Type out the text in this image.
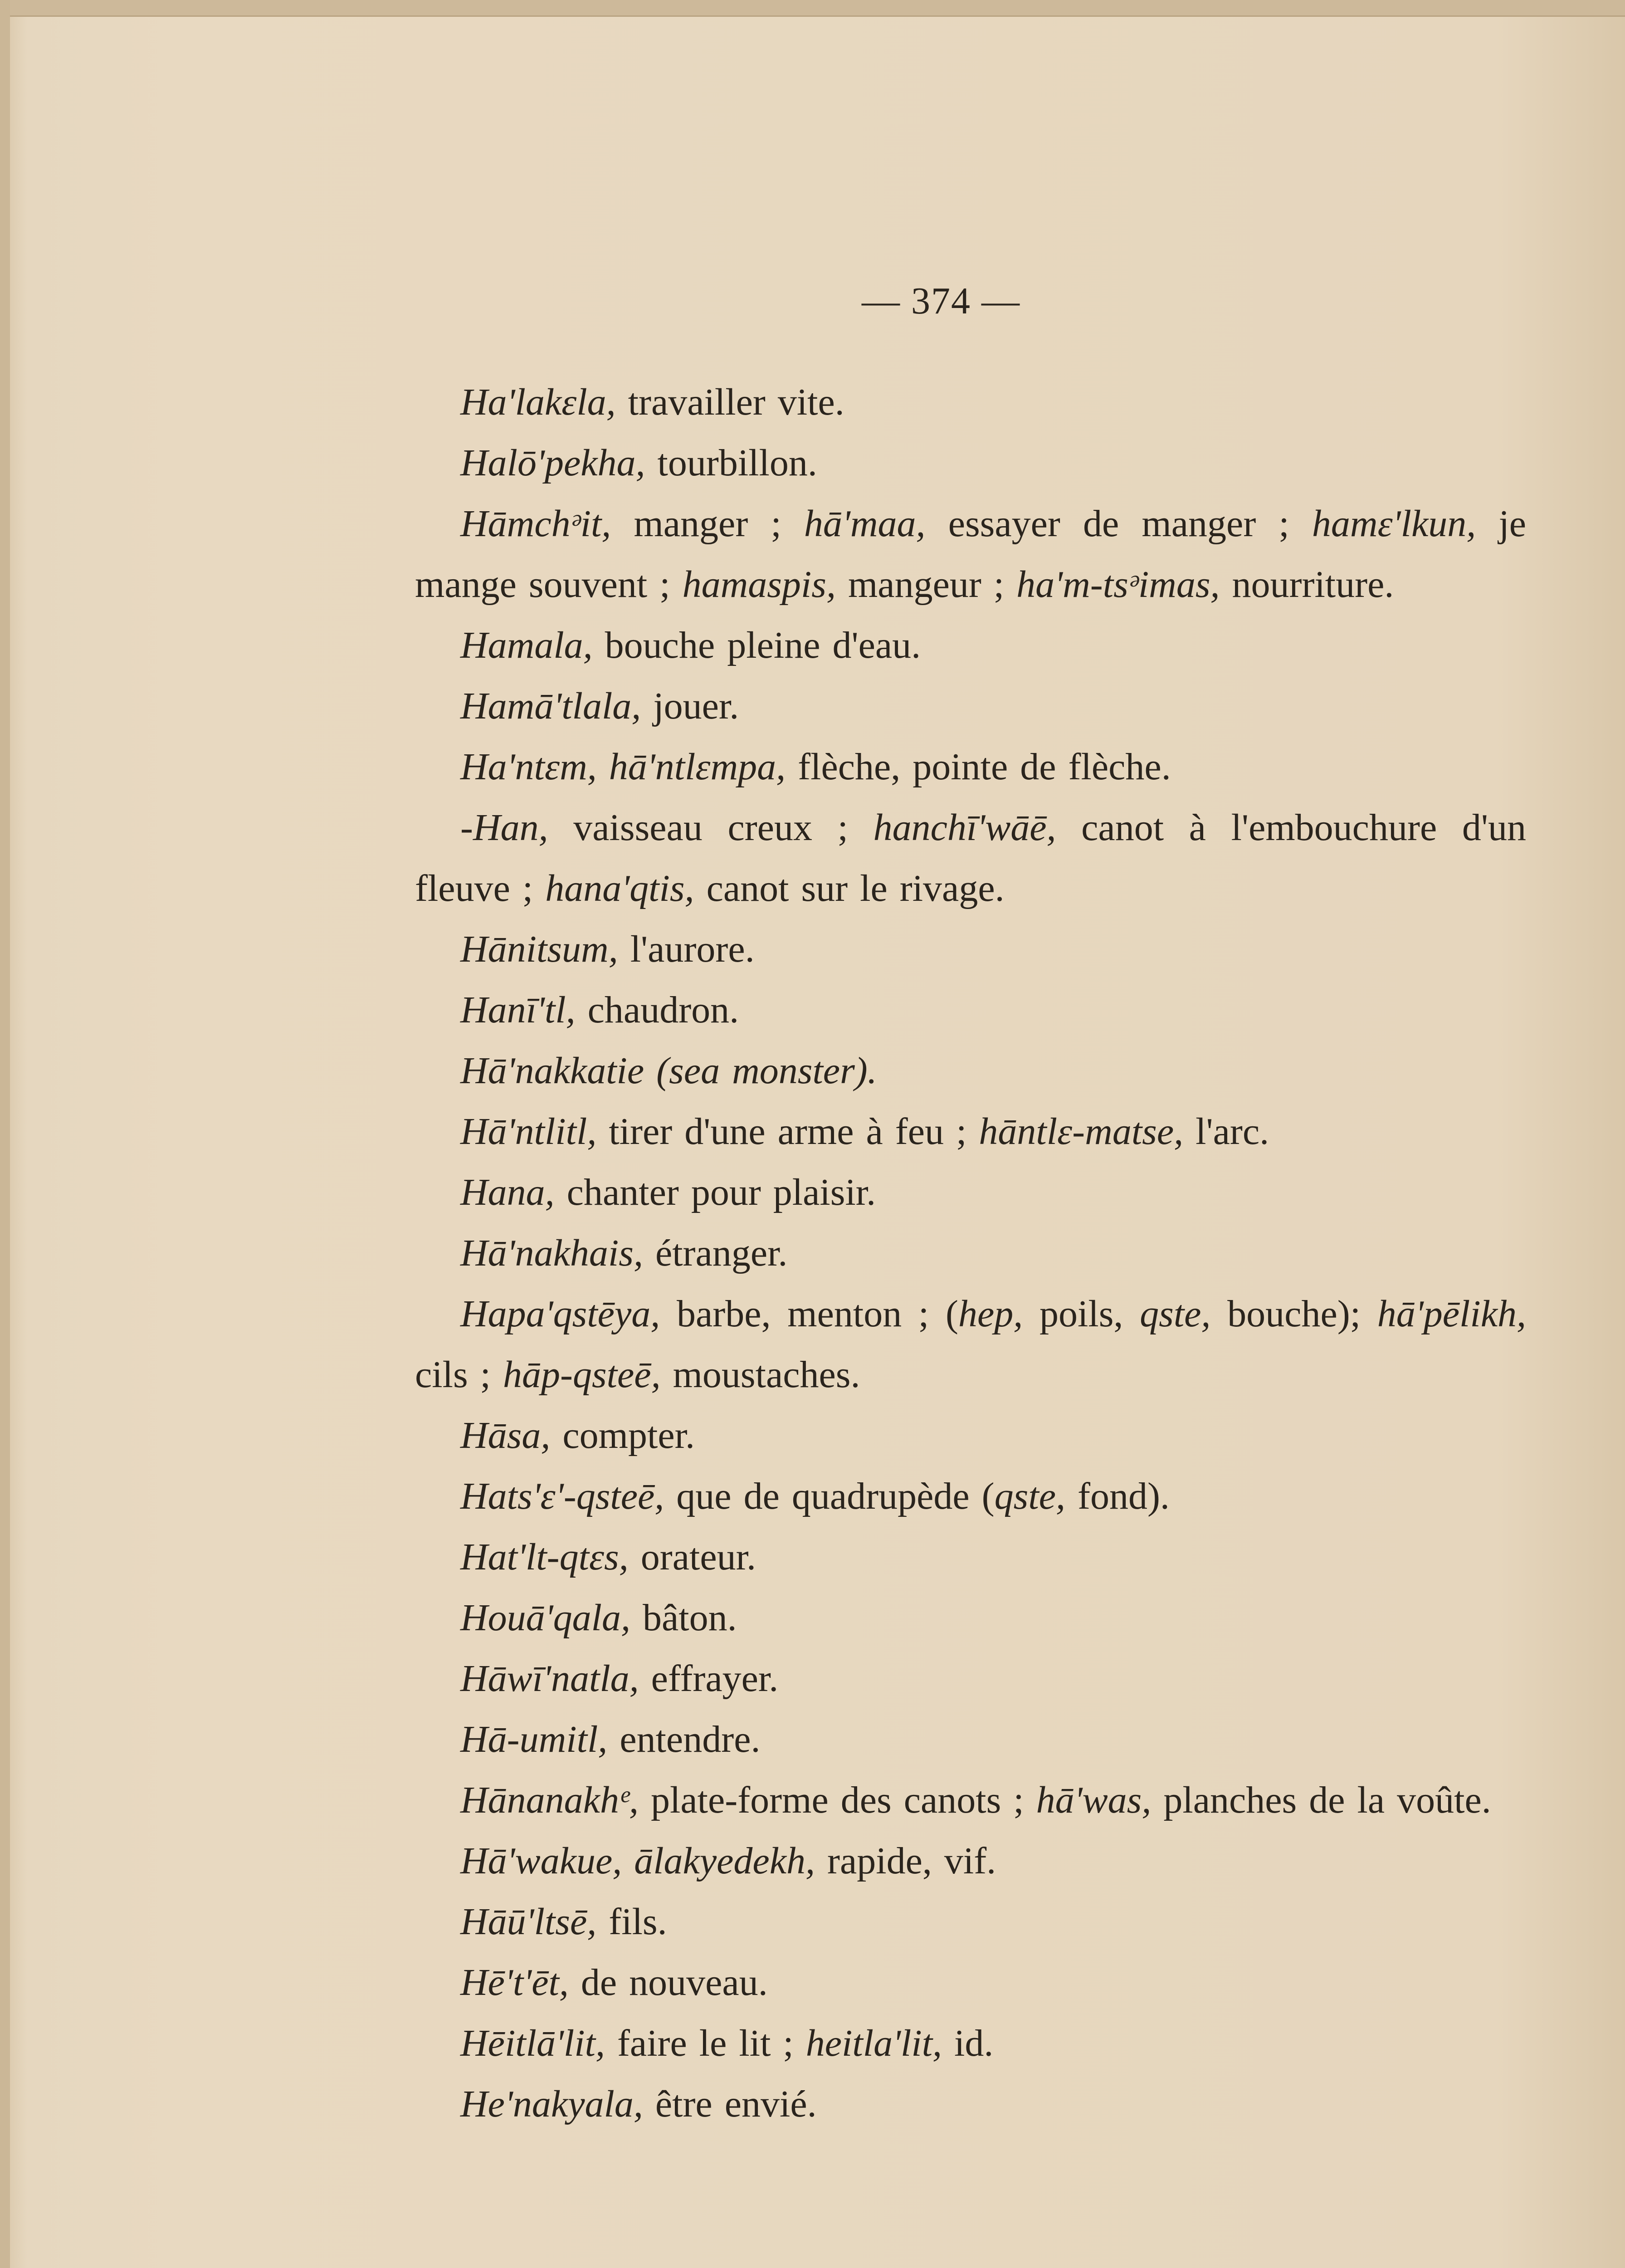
— 374 —

Ha'lakɛla, travailler vite.

Halō'pekha, tourbillon.

Hāmchᵊit, manger ; hā'maa, essayer de manger ; hamɛ'lkun, je mange souvent ; hamaspis, mangeur ; ha'm-tsᵊimas, nourriture.

Hamala, bouche pleine d'eau.

Hamā'tlala, jouer.

Ha'ntɛm, hā'ntlɛmpa, flèche, pointe de flèche.

-Han, vaisseau creux ; hanchī'wāē, canot à l'embouchure d'un fleuve ; hana'qtis, canot sur le rivage.

Hānitsum, l'aurore.

Hanī'tl, chaudron.

Hā'nakkatie (sea monster).

Hā'ntlitl, tirer d'une arme à feu ; hāntlɛ-matse, l'arc.

Hana, chanter pour plaisir.

Hā'nakhais, étranger.

Hapa'qstēya, barbe, menton ; (hep, poils, qste, bouche); hā'pēlikh, cils ; hāp-qsteē, moustaches.

Hāsa, compter.

Hats'ɛ'-qsteē, que de quadrupède (qste, fond).

Hat'lt-qtɛs, orateur.

Houā'qala, bâton.

Hāwī'natla, effrayer.

Hā-umitl, entendre.

Hānanakhᵉ, plate-forme des canots ; hā'was, planches de la voûte.

Hā'wakue, ālakyedekh, rapide, vif.

Hāū'ltsē, fils.

Hē't'ēt, de nouveau.

Hēitlā'lit, faire le lit ; heitla'lit, id.

He'nakyala, être envié.
